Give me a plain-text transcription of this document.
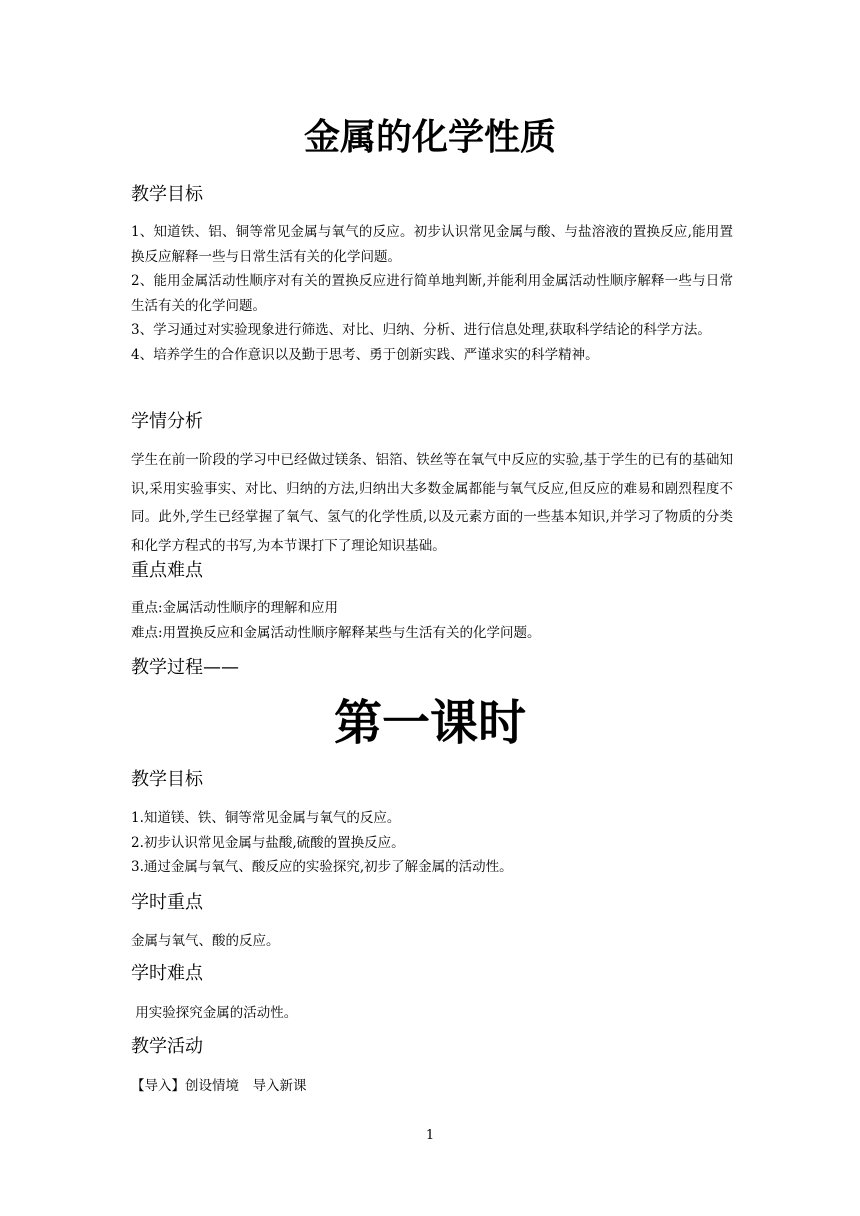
金属的化学性质
教学目标
1、知道铁、铝、铜等常见金属与氧气的反应。初步认识常见金属与酸、与盐溶液的置换反应,能用置换反应解释一些与日常生活有关的化学问题。
2、能用金属活动性顺序对有关的置换反应进行简单地判断,并能利用金属活动性顺序解释一些与日常生活有关的化学问题。
3、学习通过对实验现象进行筛选、对比、归纳、分析、进行信息处理,获取科学结论的科学方法。
4、培养学生的合作意识以及勤于思考、勇于创新实践、严谨求实的科学精神。
学情分析
学生在前一阶段的学习中已经做过镁条、铝箔、铁丝等在氧气中反应的实验,基于学生的已有的基础知识,采用实验事实、对比、归纳的方法,归纳出大多数金属都能与氧气反应,但反应的难易和剧烈程度不同。此外,学生已经掌握了氧气、氢气的化学性质,以及元素方面的一些基本知识,并学习了物质的分类和化学方程式的书写,为本节课打下了理论知识基础。
重点难点
重点:金属活动性顺序的理解和应用
难点:用置换反应和金属活动性顺序解释某些与生活有关的化学问题。
教学过程——
第一课时
教学目标
1.知道镁、铁、铜等常见金属与氧气的反应。
2.初步认识常见金属与盐酸,硫酸的置换反应。
3.通过金属与氧气、酸反应的实验探究,初步了解金属的活动性。
学时重点
金属与氧气、酸的反应。
学时难点
用实验探究金属的活动性。
教学活动
【导入】创设情境　导入新课
1
